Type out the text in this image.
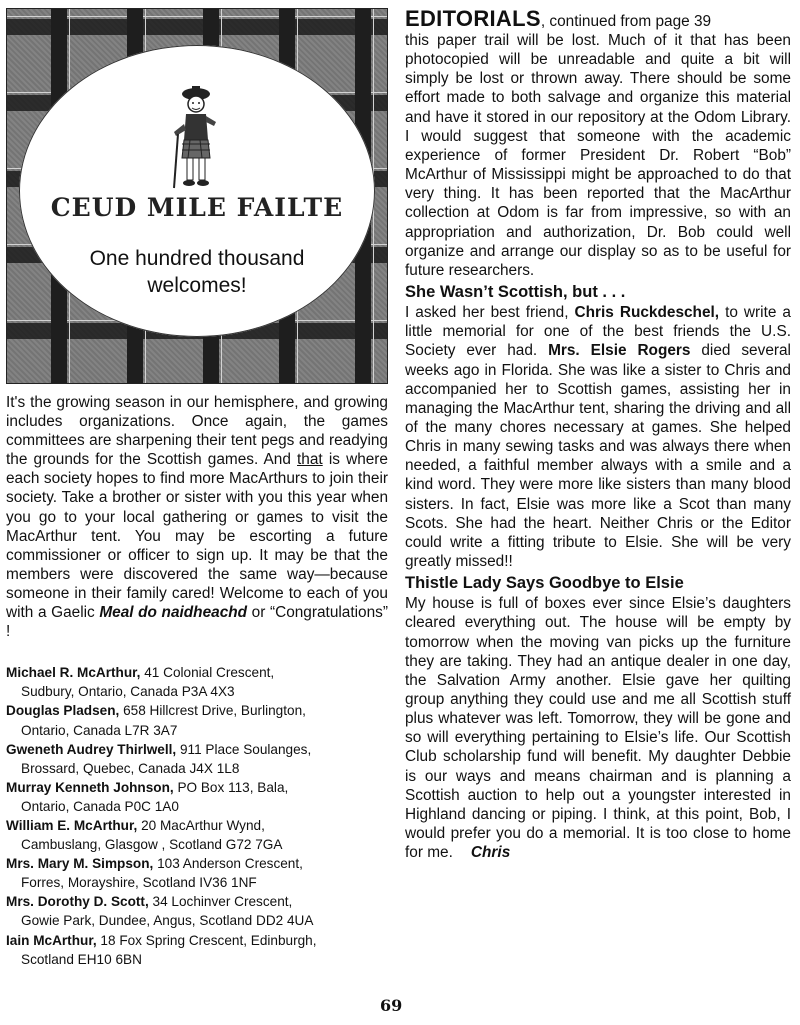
CEUD MILE FAILTE
One hundred thousand
welcomes!

It's the growing season in our hemisphere, and growing includes organizations. Once again, the games committees are sharpening their tent pegs and readying the grounds for the Scottish games. And that is where each society hopes to find more MacArthurs to join their society. Take a brother or sister with you this year when you go to your local gathering or games to visit the MacArthur tent. You may be escorting a future commissioner or officer to sign up. It may be that the members were discovered the same way—because someone in their family cared! Welcome to each of you with a Gaelic Meal do naidheachd or “Congratulations” !

Michael R. McArthur, 41 Colonial Crescent,
Sudbury, Ontario, Canada P3A 4X3

Douglas Pladsen, 658 Hillcrest Drive, Burlington,
Ontario, Canada L7R 3A7

Gweneth Audrey Thirlwell, 911 Place Soulanges,
Brossard, Quebec, Canada J4X 1L8

Murray Kenneth Johnson, PO Box 113, Bala,
Ontario, Canada P0C 1A0

William E. McArthur, 20 MacArthur Wynd,
Cambuslang, Glasgow , Scotland G72 7GA

Mrs. Mary M. Simpson, 103 Anderson Crescent,
Forres, Morayshire, Scotland IV36 1NF

Mrs. Dorothy D. Scott, 34 Lochinver Crescent,
Gowie Park, Dundee, Angus, Scotland DD2 4UA

Iain McArthur, 18 Fox Spring Crescent, Edinburgh,
Scotland EH10 6BN

69
EDITORIALS, continued from page 39

this paper trail will be lost. Much of it that has been photocopied will be unreadable and quite a bit will simply be lost or thrown away. There should be some effort made to both salvage and organize this material and have it stored in our repository at the Odom Library. I would suggest that someone with the academic experience of former President Dr. Robert “Bob” McArthur of Mississippi might be approached to do that very thing. It has been reported that the MacArthur collection at Odom is far from impressive, so with an appropriation and authorization, Dr. Bob could well organize and arrange our display so as to be useful for future researchers.

She Wasn’t Scottish, but . . .

I asked her best friend, Chris Ruckdeschel, to write a little memorial for one of the best friends the U.S. Society ever had. Mrs. Elsie Rogers died several weeks ago in Florida. She was like a sister to Chris and accompanied her to Scottish games, assisting her in managing the MacArthur tent, sharing the driving and all of the many chores necessary at games. She helped Chris in many sewing tasks and was always there when needed, a faithful member always with a smile and a kind word. They were more like sisters than many blood sisters. In fact, Elsie was more like a Scot than many Scots. She had the heart. Neither Chris or the Editor could write a fitting tribute to Elsie. She will be very greatly missed!!

Thistle Lady Says Goodbye to Elsie

My house is full of boxes ever since Elsie’s daughters cleared everything out. The house will be empty by tomorrow when the moving van picks up the furniture they are taking. They had an antique dealer in one day, the Salvation Army another. Elsie gave her quilting group anything they could use and me all Scottish stuff plus whatever was left. Tomorrow, they will be gone and so will everything pertaining to Elsie’s life. Our Scottish Club scholarship fund will benefit. My daughter Debbie is our ways and means chairman and is planning a Scottish auction to help out a youngster interested in Highland dancing or piping. I think, at this point, Bob, I would prefer you do a memorial. It is too close to home for me. Chris
